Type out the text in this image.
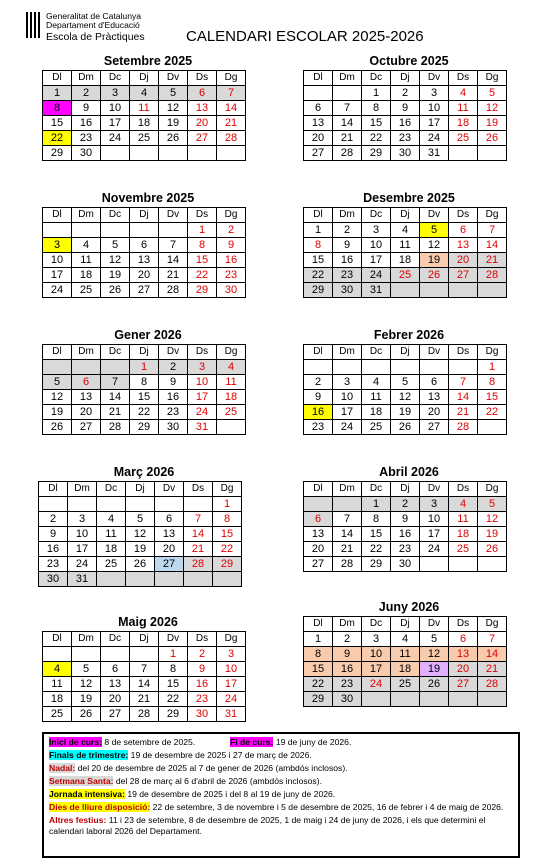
Generalitat de Catalunya
Departament d'Educació
Escola de Pràctiques	CALENDARI ESCOLAR 2025-2026
Setembre 2025
Dl	Dm	Dc	Dj	Dv	Ds	Dg
1	2	3	4	5	6	7
8	9	10	11	12	13	14
15	16	17	18	19	20	21
22	23	24	25	26	27	28
29	30					
Octubre 2025
Dl	Dm	Dc	Dj	Dv	Ds	Dg
		1	2	3	4	5
6	7	8	9	10	11	12
13	14	15	16	17	18	19
20	21	22	23	24	25	26
27	28	29	30	31		
Novembre 2025
Dl	Dm	Dc	Dj	Dv	Ds	Dg
					1	2
3	4	5	6	7	8	9
10	11	12	13	14	15	16
17	18	19	20	21	22	23
24	25	26	27	28	29	30
Desembre 2025
Dl	Dm	Dc	Dj	Dv	Ds	Dg
1	2	3	4	5	6	7
8	9	10	11	12	13	14
15	16	17	18	19	20	21
22	23	24	25	26	27	28
29	30	31				
Gener 2026
Dl	Dm	Dc	Dj	Dv	Ds	Dg
			1	2	3	4
5	6	7	8	9	10	11
12	13	14	15	16	17	18
19	20	21	22	23	24	25
26	27	28	29	30	31	
Febrer 2026
Dl	Dm	Dc	Dj	Dv	Ds	Dg
						1
2	3	4	5	6	7	8
9	10	11	12	13	14	15
16	17	18	19	20	21	22
23	24	25	26	27	28	
Març 2026
Dl	Dm	Dc	Dj	Dv	Ds	Dg
						1
2	3	4	5	6	7	8
9	10	11	12	13	14	15
16	17	18	19	20	21	22
23	24	25	26	27	28	29
30	31					
Abril 2026
Dl	Dm	Dc	Dj	Dv	Ds	Dg
		1	2	3	4	5
6	7	8	9	10	11	12
13	14	15	16	17	18	19
20	21	22	23	24	25	26
27	28	29	30			
Maig 2026
Dl	Dm	Dc	Dj	Dv	Ds	Dg
				1	2	3
4	5	6	7	8	9	10
11	12	13	14	15	16	17
18	19	20	21	22	23	24
25	26	27	28	29	30	31
Juny 2026
Dl	Dm	Dc	Dj	Dv	Ds	Dg
1	2	3	4	5	6	7
8	9	10	11	12	13	14
15	16	17	18	19	20	21
22	23	24	25	26	27	28
29	30					
Inici de curs: 8 de setembre de 2025.	Fi de curs: 19 de juny de 2026.
Finals de trimestre: 19 de desembre de 2025 i 27 de març de 2026.
Nadal: del 20 de desembre de 2025 al 7 de gener de 2026 (ambdós inclosos).
Setmana Santa: del 28 de març al 6 d'abril de 2026 (ambdós inclosos).
Jornada intensiva: 19 de desembre de 2025 i del 8 al 19 de juny de 2026.
Dies de lliure disposició: 22 de setembre, 3 de novembre i 5 de desembre de 2025, 16 de febrer i 4 de maig de 2026.
Altres festius: 11 i 23 de setembre, 8 de desembre de 2025, 1 de maig i 24 de juny de 2026, i els que determini el calendari laboral 2026 del Departament.
